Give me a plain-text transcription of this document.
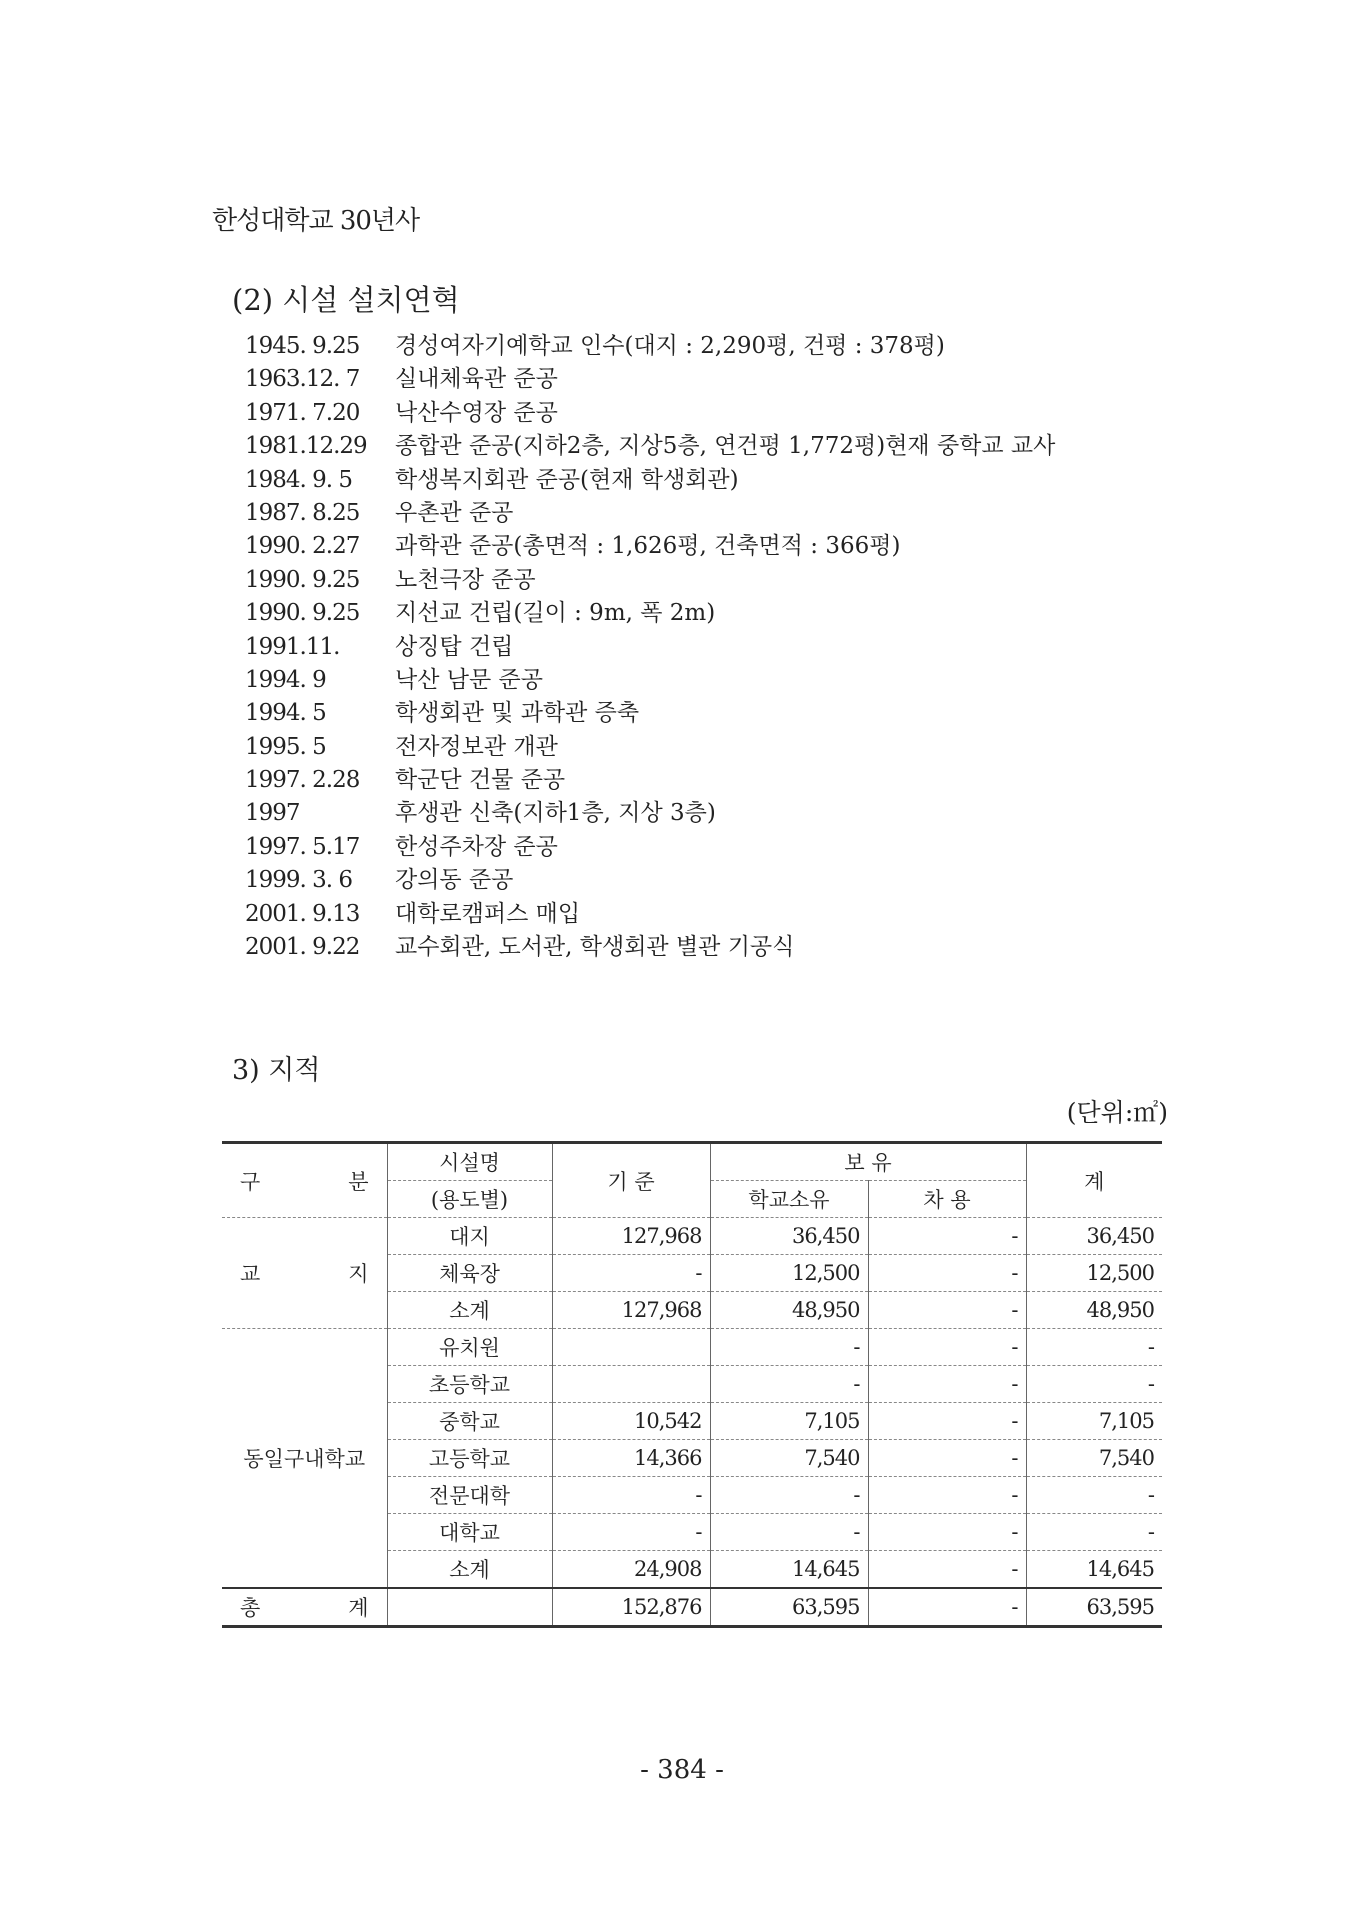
한성대학교 30년사
(2) 시설 설치연혁
1945. 9.25 경성여자기예학교 인수(대지 : 2,290평, 건평 : 378평)
1963.12. 7 실내체육관 준공
1971. 7.20 낙산수영장 준공
1981.12.29 종합관 준공(지하2층, 지상5층, 연건평 1,772평)현재 중학교 교사
1984. 9. 5 학생복지회관 준공(현재 학생회관)
1987. 8.25 우촌관 준공
1990. 2.27 과학관 준공(총면적 : 1,626평, 건축면적 : 366평)
1990. 9.25 노천극장 준공
1990. 9.25 지선교 건립(길이 : 9m, 폭 2m)
1991.11. 상징탑 건립
1994. 9	낙산 남문 준공
1994. 5	학생회관 및 과학관 증축
1995. 5	전자정보관 개관
1997. 2.28 학군단 건물 준공
1997	후생관 신축(지하1층, 지상 3층)
1997. 5.17 한성주차장 준공
1999. 3. 6 강의동 준공
2001. 9.13 대학로캠퍼스 매입
2001. 9.22 교수회관, 도서관, 학생회관 별관 기공식
3) 지적
(단위:㎡)
구 분	시설명	기 준	보 유		계
	(용도별)		학교소유	차 용	
교 지	대지	127,968	36,450	-	36,450
	체육장	-	12,500	-	12,500
	소계	127,968	48,950	-	48,950
동일구내학교	유치원		-	-	-
	초등학교		-	-	-
	중학교	10,542	7,105	-	7,105
	고등학교	14,366	7,540	-	7,540
	전문대학	-	-	-	-
	대학교	-	-	-	-
	소계	24,908	14,645	-	14,645
총 계		152,876	63,595	-	63,595
- 384 -
